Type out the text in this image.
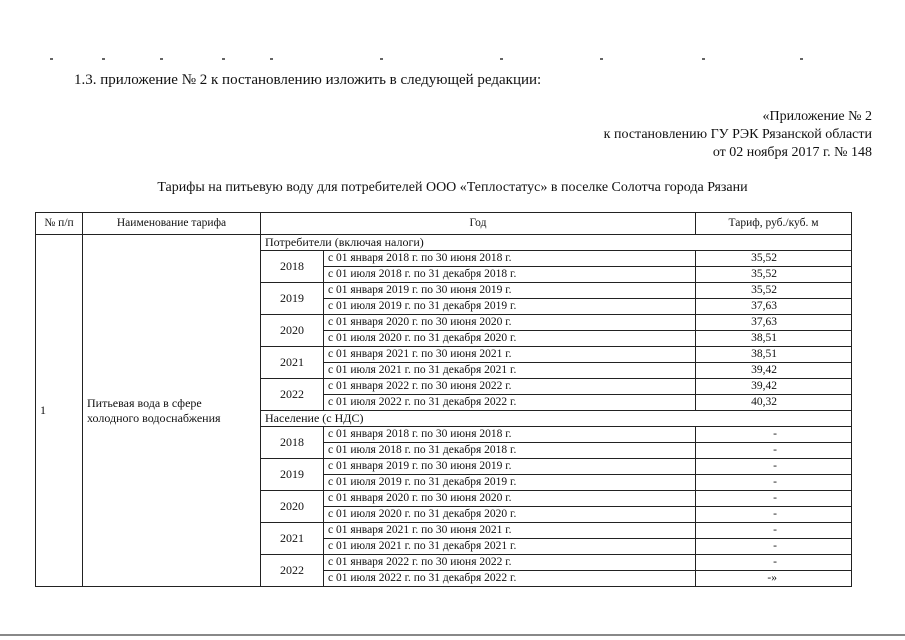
1.3. приложение № 2 к постановлению изложить в следующей редакции:
«Приложение № 2
к постановлению ГУ РЭК Рязанской области
от 02 ноября 2017 г. № 148
Тарифы на питьевую воду для потребителей ООО «Теплостатус» в поселке Солотча города Рязани
№ п/п	Наименование тарифа	Год		Тариф, руб./куб. м
1	Питьевая вода в сфере холодного водоснабжения	Потребители (включая налоги)		
		2018	с 01 января 2018 г. по 30 июня 2018 г.	35,52
			с 01 июля 2018 г. по 31 декабря 2018 г.	35,52
		2019	с 01 января 2019 г. по 30 июня 2019 г.	35,52
			с 01 июля 2019 г. по 31 декабря 2019 г.	37,63
		2020	с 01 января 2020 г. по 30 июня 2020 г.	37,63
			с 01 июля 2020 г. по 31 декабря 2020 г.	38,51
		2021	с 01 января 2021 г. по 30 июня 2021 г.	38,51
			с 01 июля 2021 г. по 31 декабря 2021 г.	39,42
		2022	с 01 января 2022 г. по 30 июня 2022 г.	39,42
			с 01 июля 2022 г. по 31 декабря 2022 г.	40,32
		Население (с НДС)		
		2018	с 01 января 2018 г. по 30 июня 2018 г.	-
			с 01 июля 2018 г. по 31 декабря 2018 г.	-
		2019	с 01 января 2019 г. по 30 июня 2019 г.	-
			с 01 июля 2019 г. по 31 декабря 2019 г.	-
		2020	с 01 января 2020 г. по 30 июня 2020 г.	-
			с 01 июля 2020 г. по 31 декабря 2020 г.	-
		2021	с 01 января 2021 г. по 30 июня 2021 г.	-
			с 01 июля 2021 г. по 31 декабря 2021 г.	-
		2022	с 01 января 2022 г. по 30 июня 2022 г.	-
			с 01 июля 2022 г. по 31 декабря 2022 г.	-»
